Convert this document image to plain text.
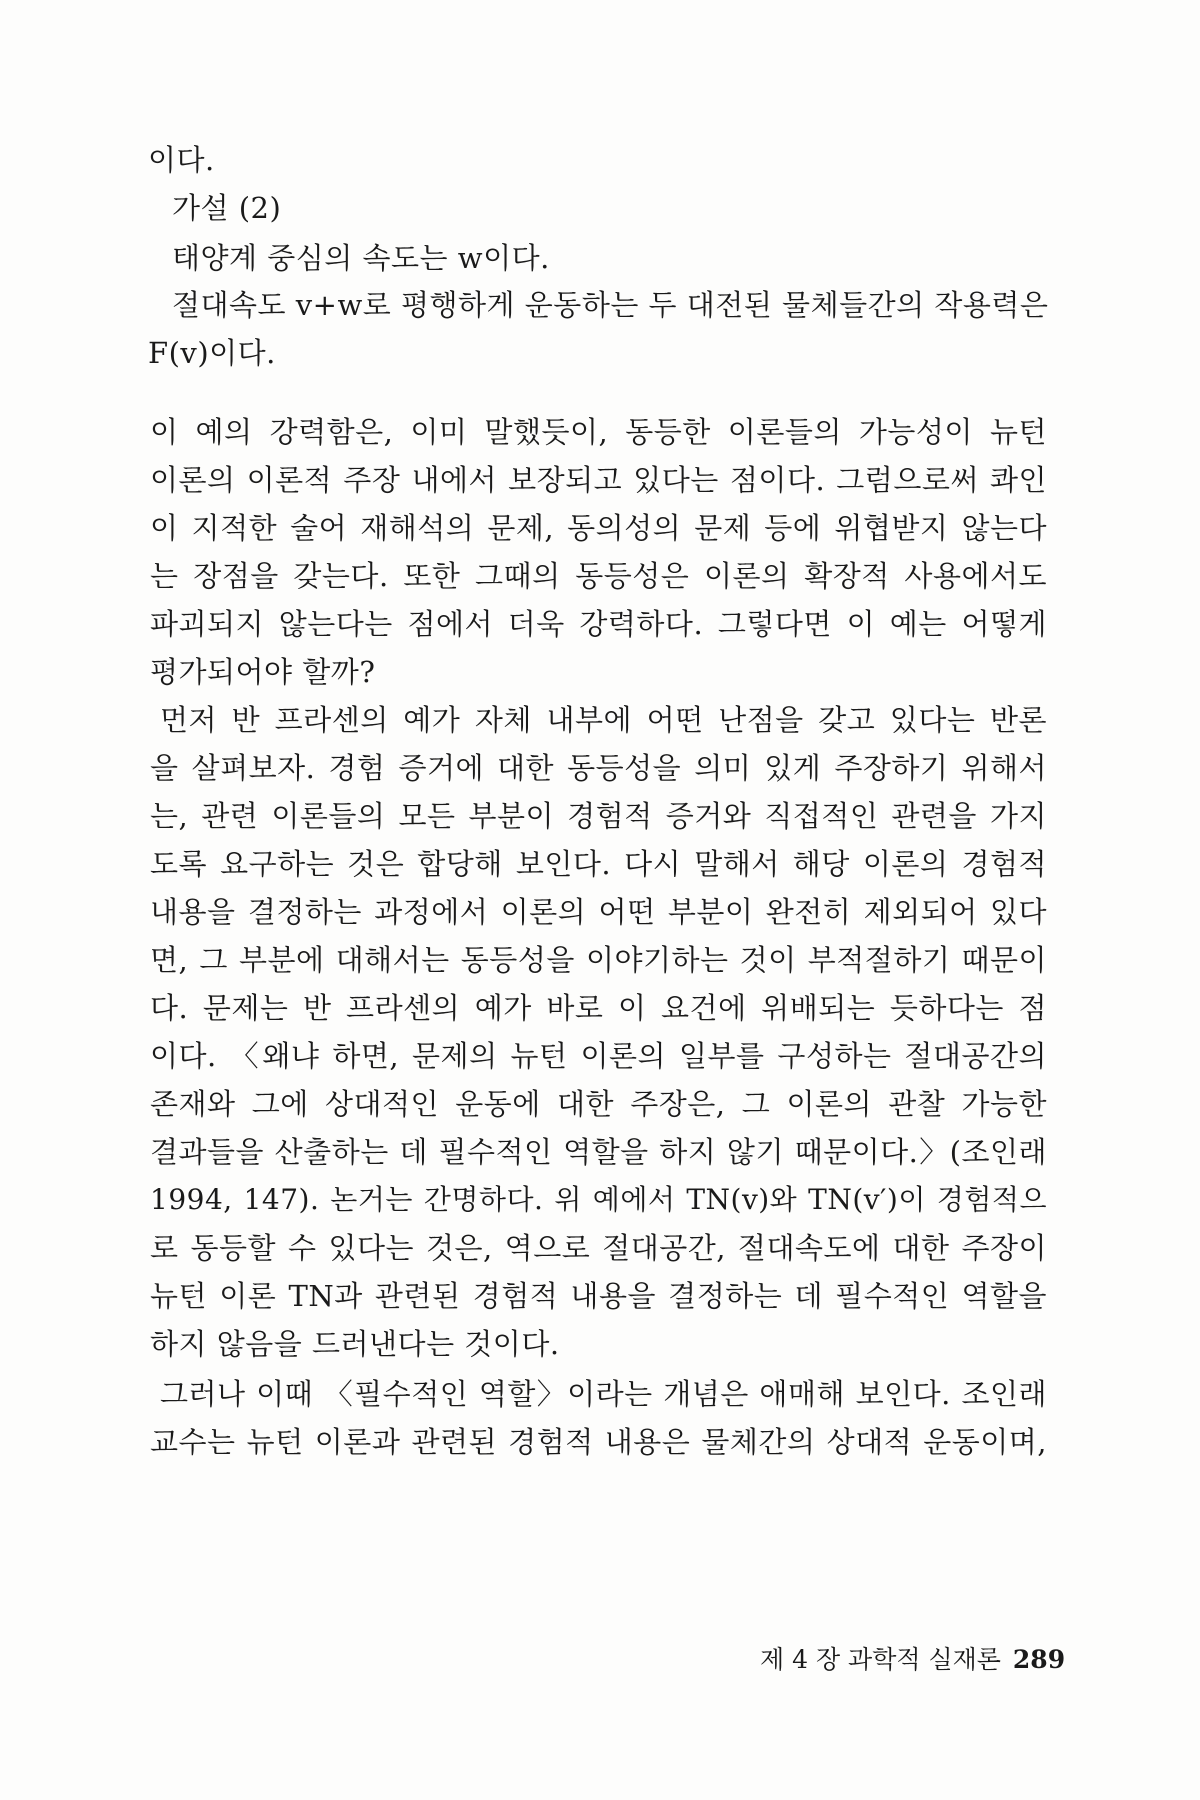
이다.
가설 (2)
태양계 중심의 속도는 w이다.
절대속도 v+w로 평행하게 운동하는 두 대전된 물체들간의 작용력은
F(v)이다.
이 예의 강력함은, 이미 말했듯이, 동등한 이론들의 가능성이 뉴턴
이론의 이론적 주장 내에서 보장되고 있다는 점이다. 그럼으로써 콰인
이 지적한 술어 재해석의 문제, 동의성의 문제 등에 위협받지 않는다
는 장점을 갖는다. 또한 그때의 동등성은 이론의 확장적 사용에서도
파괴되지 않는다는 점에서 더욱 강력하다. 그렇다면 이 예는 어떻게
평가되어야 할까?
먼저 반 프라센의 예가 자체 내부에 어떤 난점을 갖고 있다는 반론
을 살펴보자. 경험 증거에 대한 동등성을 의미 있게 주장하기 위해서
는, 관련 이론들의 모든 부분이 경험적 증거와 직접적인 관련을 가지
도록 요구하는 것은 합당해 보인다. 다시 말해서 해당 이론의 경험적
내용을 결정하는 과정에서 이론의 어떤 부분이 완전히 제외되어 있다
면, 그 부분에 대해서는 동등성을 이야기하는 것이 부적절하기 때문이
다. 문제는 반 프라센의 예가 바로 이 요건에 위배되는 듯하다는 점
이다. 〈왜냐 하면, 문제의 뉴턴 이론의 일부를 구성하는 절대공간의
존재와 그에 상대적인 운동에 대한 주장은, 그 이론의 관찰 가능한
결과들을 산출하는 데 필수적인 역할을 하지 않기 때문이다.〉(조인래
1994, 147). 논거는 간명하다. 위 예에서 TN(v)와 TN(v′)이 경험적으
로 동등할 수 있다는 것은, 역으로 절대공간, 절대속도에 대한 주장이
뉴턴 이론 TN과 관련된 경험적 내용을 결정하는 데 필수적인 역할을
하지 않음을 드러낸다는 것이다.
그러나 이때 〈필수적인 역할〉이라는 개념은 애매해 보인다. 조인래
교수는 뉴턴 이론과 관련된 경험적 내용은 물체간의 상대적 운동이며,
제 4 장 과학적 실재론 289
